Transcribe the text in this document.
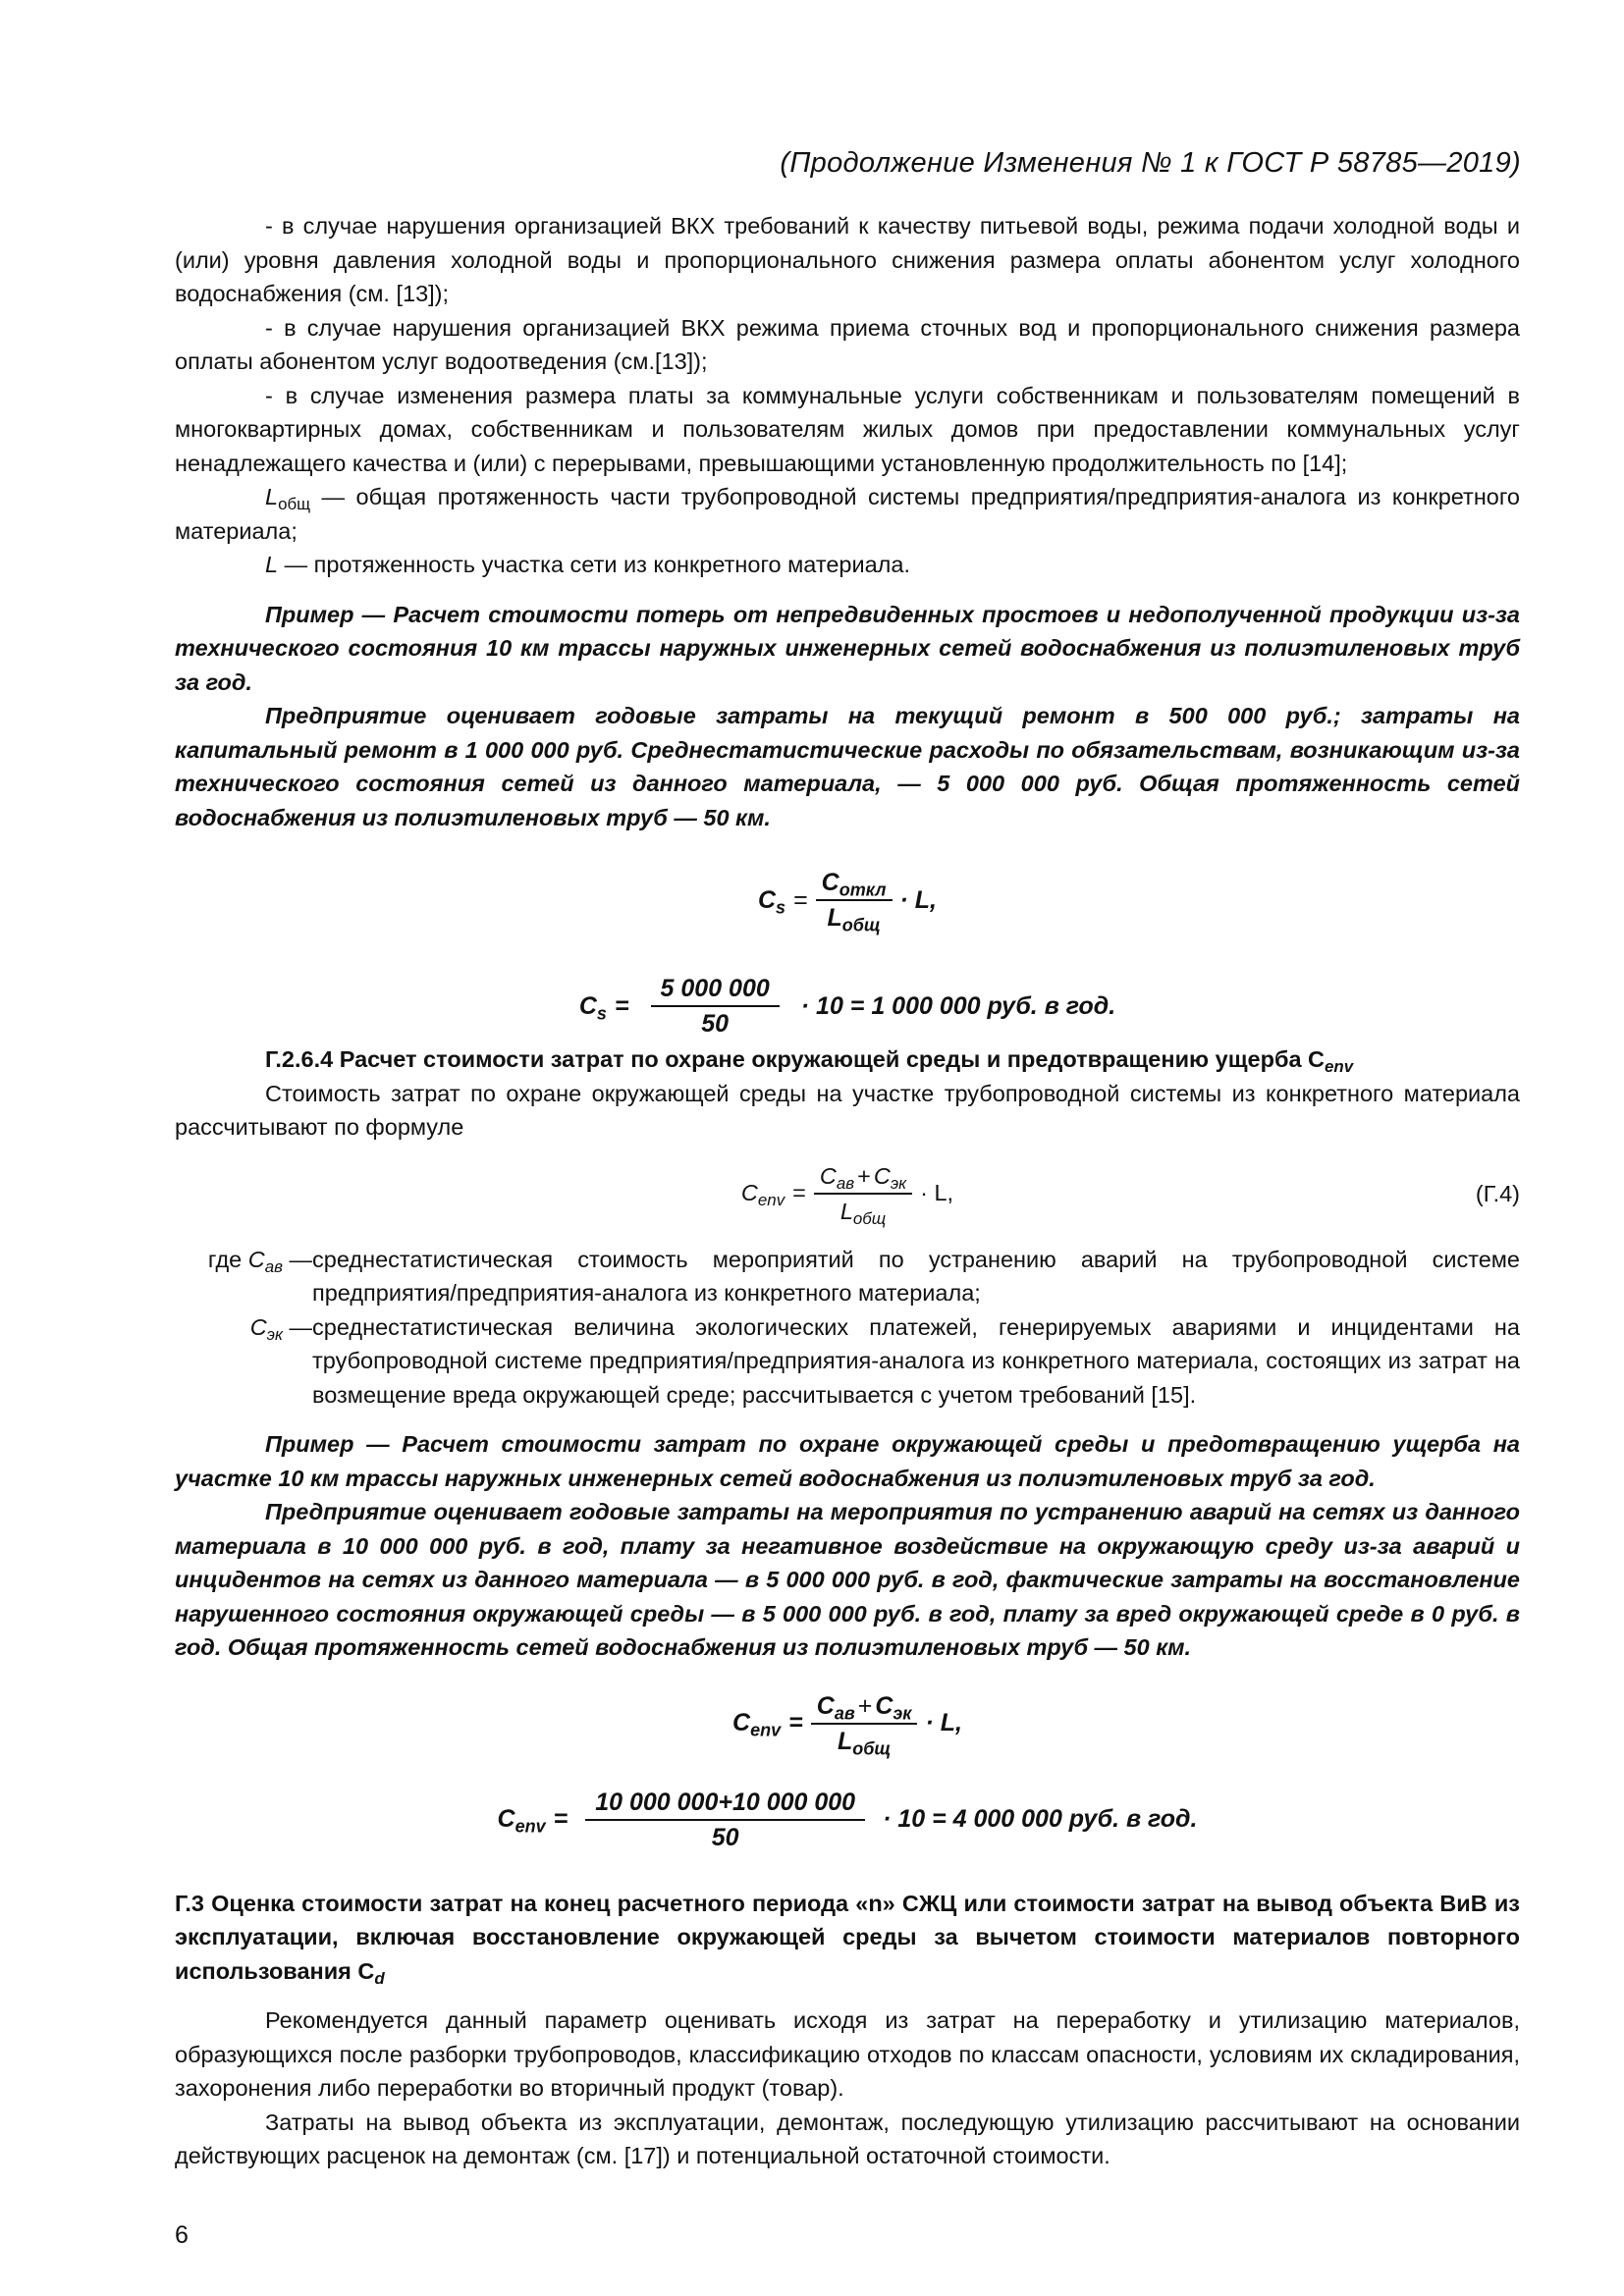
(Продолжение Изменения № 1 к ГОСТ Р 58785—2019)

- в случае нарушения организацией ВКХ требований к качеству питьевой воды, режима подачи холодной воды и (или) уровня давления холодной воды и пропорционального снижения размера оплаты абонентом услуг холодного водоснабжения (см. [13]);

- в случае нарушения организацией ВКХ режима приема сточных вод и пропорционального снижения размера оплаты абонентом услуг водоотведения (см.[13]);

- в случае изменения размера платы за коммунальные услуги собственникам и пользователям помещений в многоквартирных домах, собственникам и пользователям жилых домов при предоставлении коммунальных услуг ненадлежащего качества и (или) с перерывами, превышающими установленную продолжительность по [14];

$L_{общ}$ — общая протяженность части трубопроводной системы предприятия/предприятия-аналога из конкретного материала;

L — протяженность участка сети из конкретного материала.

Пример — Расчет стоимости потерь от непредвиденных простоев и недополученной продукции из-за технического состояния 10 км трассы наружных инженерных сетей водоснабжения из полиэтиленовых труб за год.

Предприятие оценивает годовые затраты на текущий ремонт в 500 000 руб.; затраты на капитальный ремонт в 1 000 000 руб. Среднестатистические расходы по обязательствам, возникающим из-за технического состояния сетей из данного материала, — 5 000 000 руб. Общая протяженность сетей водоснабжения из полиэтиленовых труб — 50 км.

$C_s = \frac{C_{откл}}{L_{общ}} \cdot L$,
$C_s = \frac{5 000 000}{50} \cdot 10 = 1$ 000 000 руб. в год.

Г.2.6.4 Расчет стоимости затрат по охране окружающей среды и предотвращению ущерба $C_{env}$

Стоимость затрат по охране окружающей среды на участке трубопроводной системы из конкретного материала рассчитывают по формуле

$C_{env} = \frac{C_{ав} + C_{эк}}{L_{общ}} \cdot L$,	(Г.4)
где $C_{ав}$ — среднестатистическая стоимость мероприятий по устранению аварий на трубопроводной системе предприятия/предприятия-аналога из конкретного материала;
$C_{эк}$ — среднестатистическая величина экологических платежей, генерируемых авариями и инцидентами на трубопроводной системе предприятия/предприятия-аналога из конкретного материала, состоящих из затрат на возмещение вреда окружающей среде; рассчитывается с учетом требований [15].

Пример — Расчет стоимости затрат по охране окружающей среды и предотвращению ущерба на участке 10 км трассы наружных инженерных сетей водоснабжения из полиэтиленовых труб за год.

Предприятие оценивает годовые затраты на мероприятия по устранению аварий на сетях из данного материала в 10 000 000 руб. в год, плату за негативное воздействие на окружающую среду из-за аварий и инцидентов на сетях из данного материала — в 5 000 000 руб. в год, фактические затраты на восстановление нарушенного состояния окружающей среды — в 5 000 000 руб. в год, плату за вред окружающей среде в 0 руб. в год. Общая протяженность сетей водоснабжения из полиэтиленовых труб — 50 км.

$C_{env} = \frac{C_{ав} + C_{эк}}{L_{общ}} \cdot L$,
$C_{env} = \frac{10 000 000+10 000 000}{50} \cdot 10 = 4$ 000 000 руб. в год.

Г.3 Оценка стоимости затрат на конец расчетного периода «n» СЖЦ или стоимости затрат на вывод объекта ВиВ из эксплуатации, включая восстановление окружающей среды за вычетом стоимости материалов повторного использования $C_d$

Рекомендуется данный параметр оценивать исходя из затрат на переработку и утилизацию материалов, образующихся после разборки трубопроводов, классификацию отходов по классам опасности, условиям их складирования, захоронения либо переработки во вторичный продукт (товар).

Затраты на вывод объекта из эксплуатации, демонтаж, последующую утилизацию рассчитывают на основании действующих расценок на демонтаж (см. [17]) и потенциальной остаточной стоимости.

6
